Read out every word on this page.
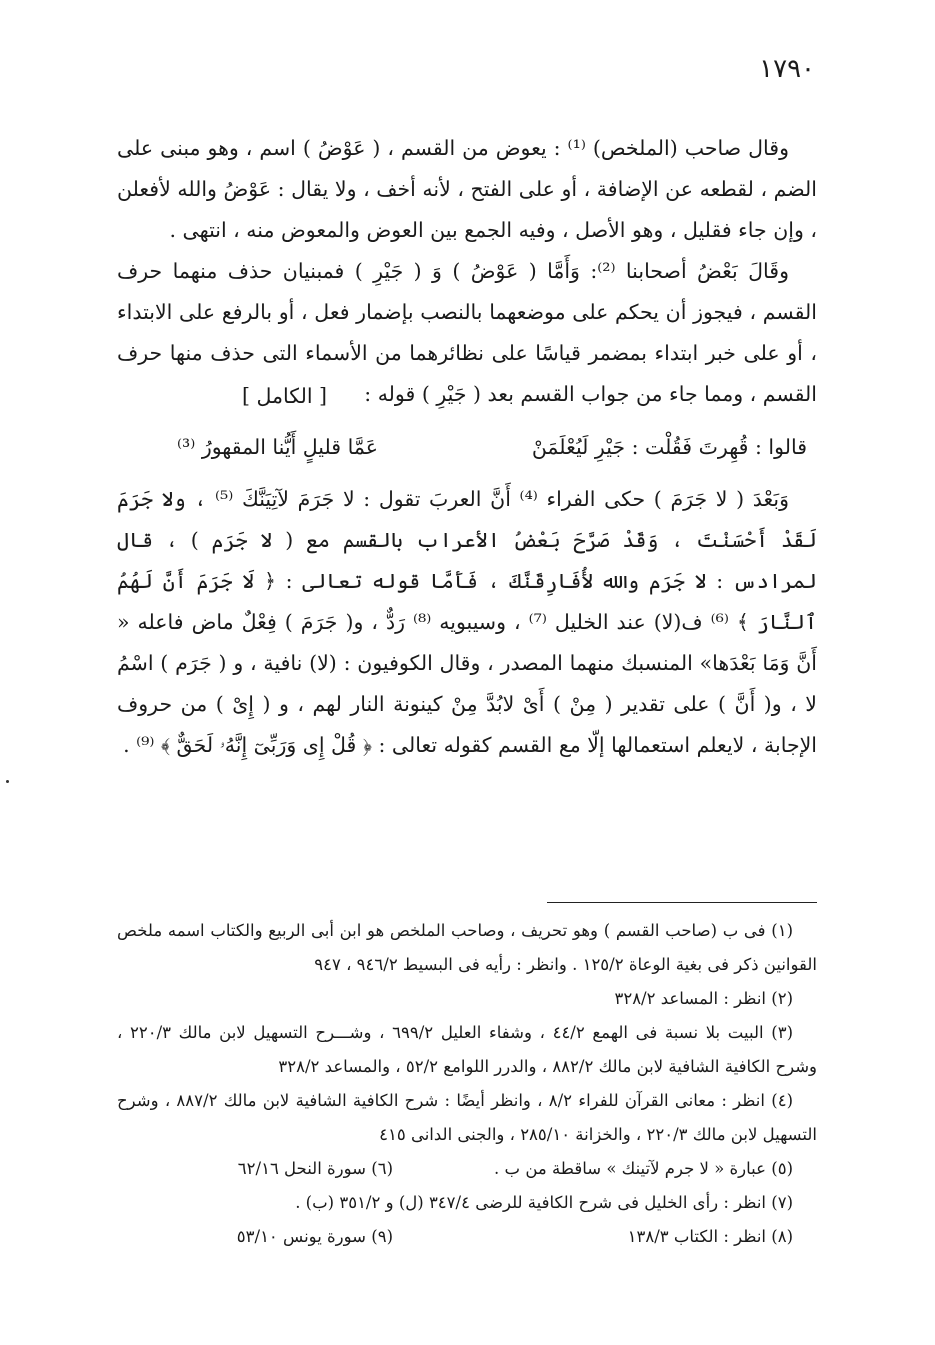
١٧٩٠

وقال صاحب (الملخص) ⁽¹⁾ : يعوض من القسم ، ( عَوْضُ ) اسم ، وهو مبنى على الضم ، لقطعه عن الإضافة ، أو على الفتح ، لأنه أخف ، ولا يقال : عَوْضُ والله لأفعلن ، وإن جاء فقليل ، وهو الأصل ، وفيه الجمع بين العوض والمعوض منه ، انتهى .

وقَالَ بَعْضُ أصحابنا ⁽²⁾: وَأَمَّا ( عَوْضُ ) وَ ( جَيْرِ ) فمبنيان حذف منهما حرف القسم ، فيجوز أن يحكم على موضعهما بالنصب بإضمار فعل ، أو بالرفع على الابتداء ، أو على خبر ابتداء بمضمر قياسًا على نظائرهما من الأسماء التى حذف منها حرف القسم ، ومما جاء من جواب القسم بعد ( جَيْرِ ) قوله :

[ الكامل ]
قالوا : قُهِرتَ فَقُلْت : جَيْرِ لَيُعْلَمَنْ
عَمَّا قليلٍ أَيُّنا المقهورُ ⁽³⁾

وَبَعْدَ ( لا جَرَمَ ) حكى الفراء ⁽⁴⁾ أَنَّ العربَ تقول : لا جَرَمَ لآتِيَنَّكَ ⁽⁵⁾ ، ولا جَرَمَ لَقَدْ أَحْسَنْتَ ، وَقَدْ صَرَّحَ بَعْضُ الأعراب بالقسم مع ( لا جَرَم ) ، قال لمرادس : لا جَرَم والله لأُفَارِقَنَّكَ ، فَأَمَّا قوله تعالى : ﴿ لَا جَرَمَ أَنَّ لَهُمُ ٱلنَّارَ ﴾ ⁽⁶⁾ ف(لا) عند الخليل ⁽⁷⁾ ، وسيبويه ⁽⁸⁾ رَدٌّ ، و( جَرَمَ ) فِعْلٌ ماض فاعله « أَنَّ وَمَا بَعْدَها» المنسبك منهما المصدر ، وقال الكوفيون : (لا) نافية ، و ( جَرَم ) اسْمُ لا ، و( أَنَّ ) على تقدير ( مِنْ ) أَىْ لابُدَّ مِنْ كينونة النار لهم ، و ( إِىْ ) من حروف الإجابة ، لايعلم استعمالها إلّا مع القسم كقوله تعالى : ﴿ قُلْ إِى وَرَبِّىٓ إِنَّهُۥ لَحَقٌّ ﴾ ⁽⁹⁾ .

(١) فى ب (صاحب القسم ) وهو تحريف ، وصاحب الملخص هو ابن أبى الربيع والكتاب اسمه ملخص القوانين ذكر فى بغية الوعاة ١٢٥/٢ . وانظر : رأيه فى البسيط ٩٤٦/٢ ، ٩٤٧

(٢) انظر : المساعد ٣٢٨/٢

(٣) البيت بلا نسبة فى الهمع ٤٤/٢ ، وشفاء العليل ٦٩٩/٢ ، وشـــرح التسهيل لابن مالك ٢٢٠/٣ ، وشرح الكافية الشافية لابن مالك ٨٨٢/٢ ، والدرر اللوامع ٥٢/٢ ، والمساعد ٣٢٨/٢

(٤) انظر : معانى القرآن للفراء ٨/٢ ، وانظر أيضًا : شرح الكافية الشافية لابن مالك ٨٨٧/٢ ، وشرح التسهيل لابن مالك ٢٢٠/٣ ، والخزانة ٢٨٥/١٠ ، والجنى الدانى ٤١٥

(٥) عبارة « لا جرم لآتينك » ساقطة من ب .
(٦) سورة النحل ٦٢/١٦

(٧) انظر : رأى الخليل فى شرح الكافية للرضى ٣٤٧/٤ (ل) و ٣٥١/٢ (ب) .

(٨) انظر : الكتاب ١٣٨/٣
(٩) سورة يونس ٥٣/١٠
